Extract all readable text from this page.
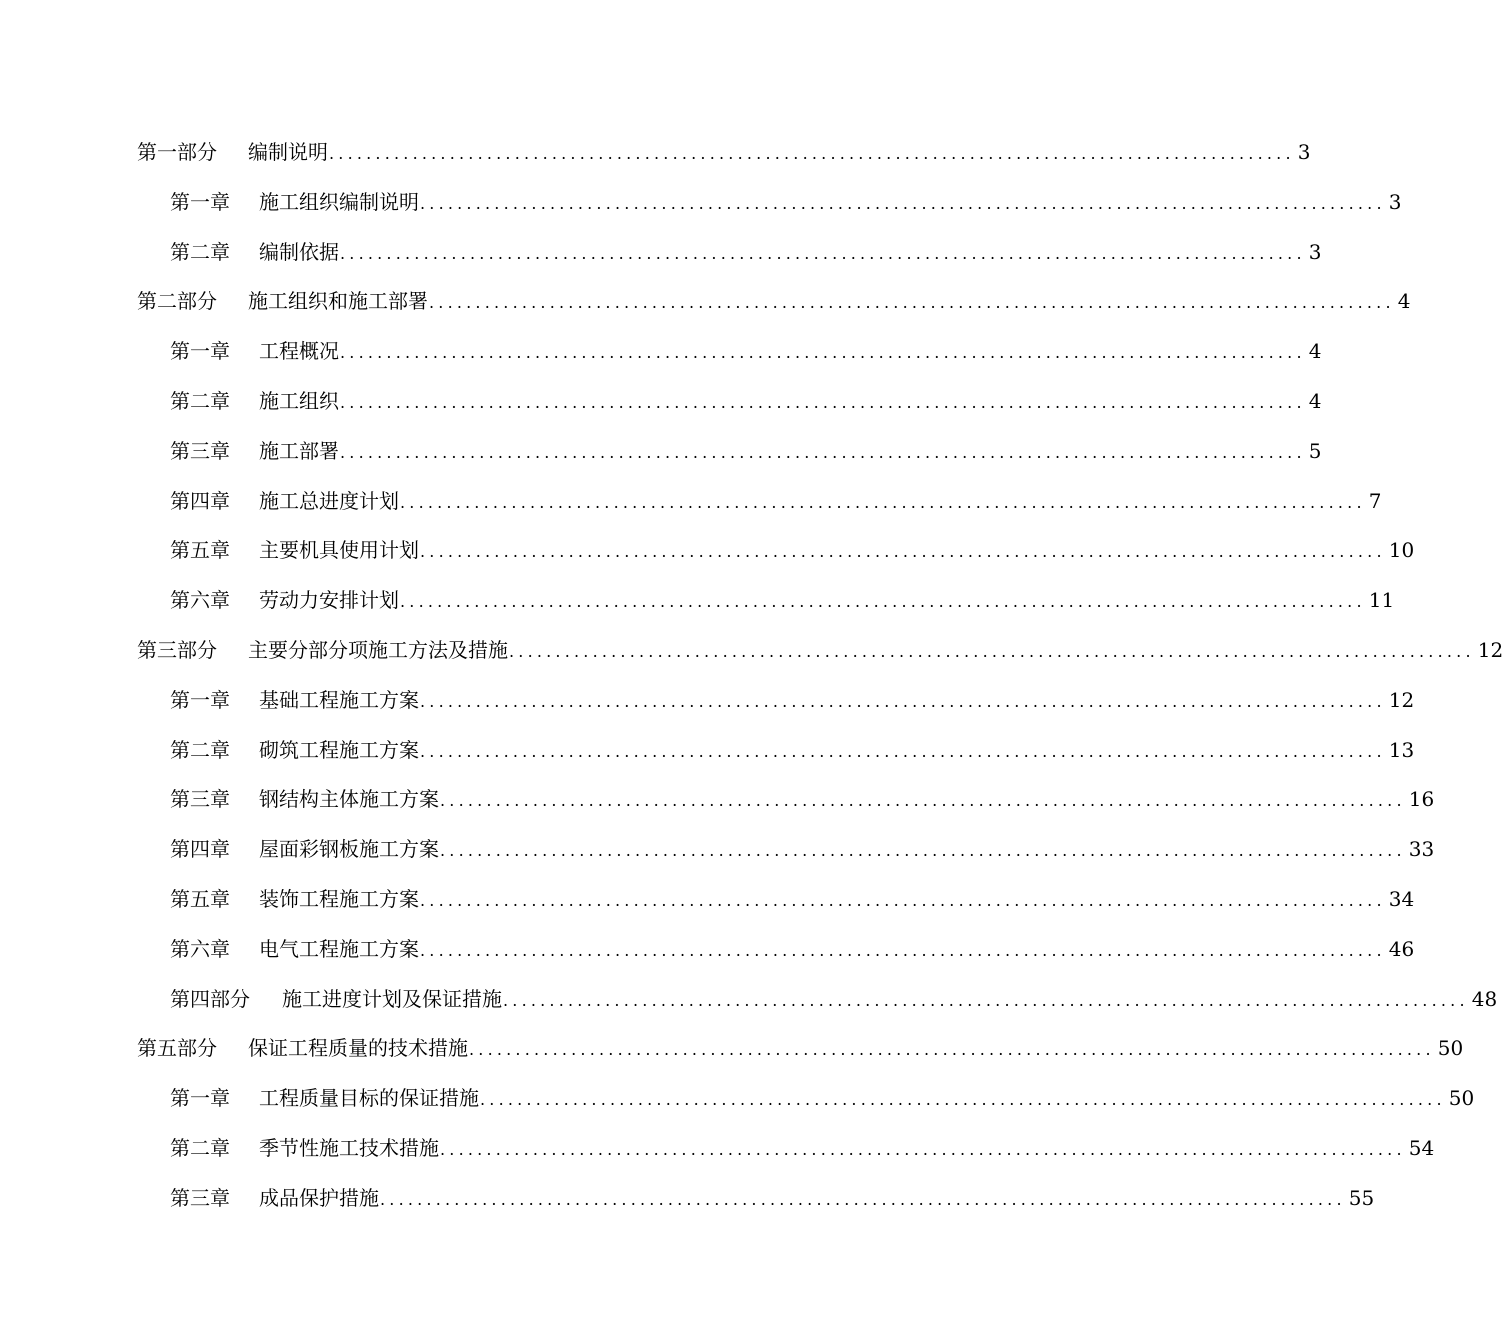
第一部分	编制说明 ........................................................................................................ 3
第一章	施工组织编制说明 ........................................................................................................ 3
第二章	编制依据 ........................................................................................................ 3
第二部分	施工组织和施工部署 ........................................................................................................ 4
第一章	工程概况 ........................................................................................................ 4
第二章	施工组织 ........................................................................................................ 4
第三章	施工部署 ........................................................................................................ 5
第四章	施工总进度计划 ........................................................................................................ 7
第五章	主要机具使用计划 ........................................................................................................ 10
第六章	劳动力安排计划 ........................................................................................................ 11
第三部分	主要分部分项施工方法及措施 ........................................................................................................ 12
第一章	基础工程施工方案 ........................................................................................................ 12
第二章	砌筑工程施工方案 ........................................................................................................ 13
第三章	钢结构主体施工方案 ........................................................................................................ 16
第四章	屋面彩钢板施工方案 ........................................................................................................ 33
第五章	装饰工程施工方案 ........................................................................................................ 34
第六章	电气工程施工方案 ........................................................................................................ 46
第四部分	施工进度计划及保证措施 ........................................................................................................ 48
第五部分	保证工程质量的技术措施 ........................................................................................................ 50
第一章	工程质量目标的保证措施 ........................................................................................................ 50
第二章	季节性施工技术措施 ........................................................................................................ 54
第三章	成品保护措施 ........................................................................................................ 55
